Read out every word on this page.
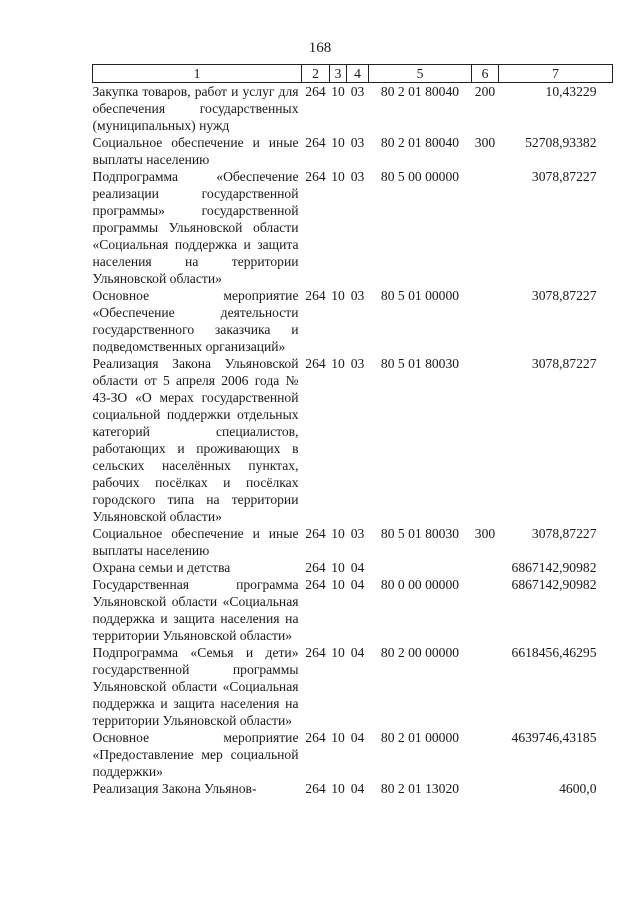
168
1	2	3	4	5	6	7
Закупка товаров, работ и услуг для обеспечения государственных (муниципальных) нужд	264	10	03	80 2 01 80040	200	10,43229
Социальное обеспечение и иные выплаты населению	264	10	03	80 2 01 80040	300	52708,93382
Подпрограмма «Обеспечение реализации государственной программы» государственной программы Ульяновской области «Социальная поддержка и защита населения на территории Ульяновской области»	264	10	03	80 5 00 00000		3078,87227
Основное мероприятие «Обеспечение деятельности государственного заказчика и подведомственных организаций»	264	10	03	80 5 01 00000		3078,87227
Реализация Закона Ульяновской области от 5 апреля 2006 года № 43-ЗО «О мерах государственной социальной поддержки отдельных категорий специалистов, работающих и проживающих в сельских населённых пунктах, рабочих посёлках и посёлках городского типа на территории Ульяновской области»	264	10	03	80 5 01 80030		3078,87227
Социальное обеспечение и иные выплаты населению	264	10	03	80 5 01 80030	300	3078,87227
Охрана семьи и детства	264	10	04			6867142,90982
Государственная программа Ульяновской области «Социальная поддержка и защита населения на территории Ульяновской области»	264	10	04	80 0 00 00000		6867142,90982
Подпрограмма «Семья и дети» государственной программы Ульяновской области «Социальная поддержка и защита населения на территории Ульяновской области»	264	10	04	80 2 00 00000		6618456,46295
Основное мероприятие «Предоставление мер социальной поддержки»	264	10	04	80 2 01 00000		4639746,43185
Реализация Закона Ульянов-	264	10	04	80 2 01 13020		4600,0
